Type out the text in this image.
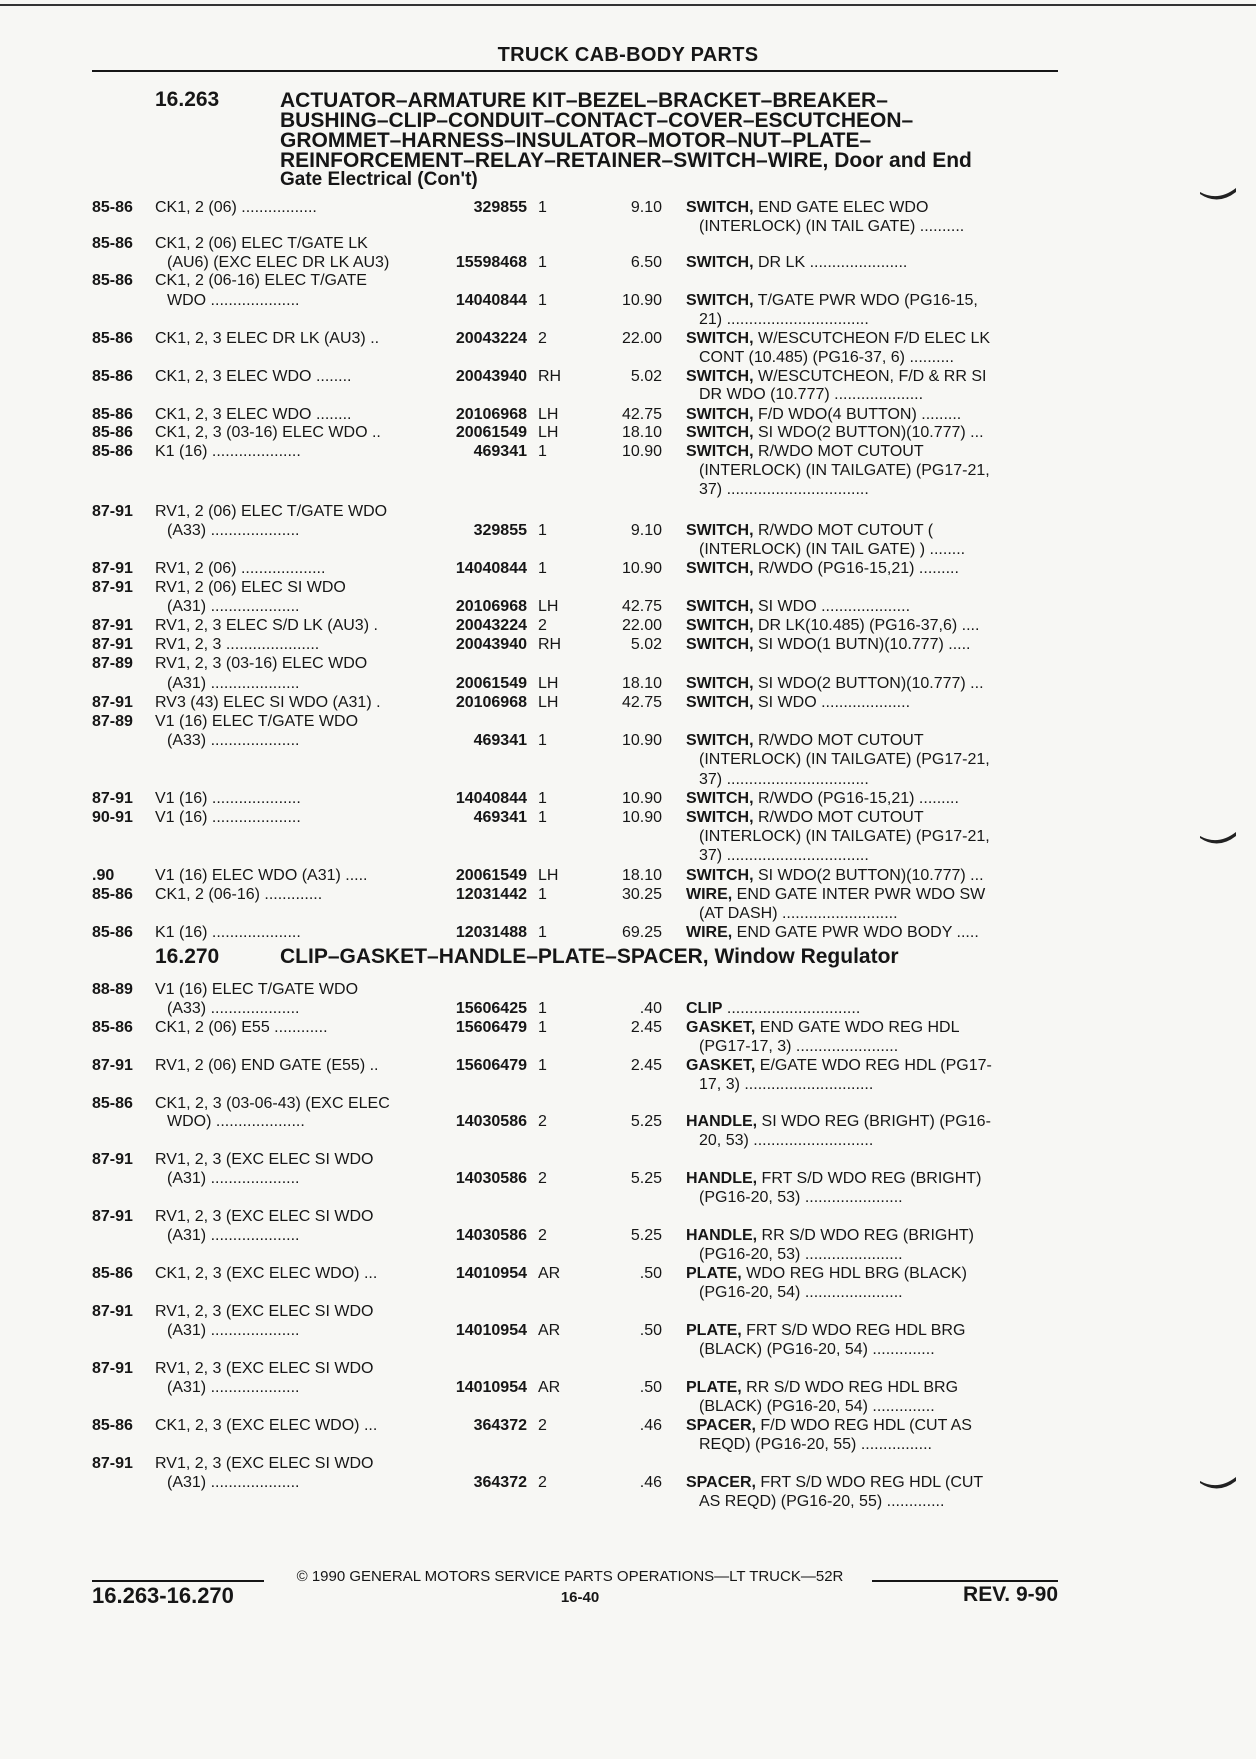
TRUCK CAB-BODY PARTS
16.263	ACTUATOR–ARMATURE KIT–BEZEL–BRACKET–BREAKER–
BUSHING–CLIP–CONDUIT–CONTACT–COVER–ESCUTCHEON–
GROMMET–HARNESS–INSULATOR–MOTOR–NUT–PLATE–
REINFORCEMENT–RELAY–RETAINER–SWITCH–WIRE, Door and End
Gate Electrical (Con't)
16.270	CLIP–GASKET–HANDLE–PLATE–SPACER, Window Regulator
85-86 CK1, 2 (06) .................	329855 1	9.10 SWITCH, END GATE ELEC WDO
(INTERLOCK) (IN TAIL GATE) ..........
85-86 CK1, 2 (06) ELEC T/GATE LK
(AU6) (EXC ELEC DR LK AU3)	15598468 1	6.50 SWITCH, DR LK ......................
85-86 CK1, 2 (06-16) ELEC T/GATE
WDO ....................	14040844 1	10.90 SWITCH, T/GATE PWR WDO (PG16-15,
21) ................................
85-86 CK1, 2, 3 ELEC DR LK (AU3) ..	20043224 2	22.00 SWITCH, W/ESCUTCHEON F/D ELEC LK
CONT (10.485) (PG16-37, 6) ..........
85-86 CK1, 2, 3 ELEC WDO ........	20043940 RH	5.02 SWITCH, W/ESCUTCHEON, F/D & RR SI
DR WDO (10.777) ....................
85-86 CK1, 2, 3 ELEC WDO ........	20106968 LH	42.75 SWITCH, F/D WDO(4 BUTTON) .........
85-86 CK1, 2, 3 (03-16) ELEC WDO ..	20061549 LH	18.10 SWITCH, SI WDO(2 BUTTON)(10.777) ...
85-86 K1 (16) ....................	469341 1	10.90 SWITCH, R/WDO MOT CUTOUT
(INTERLOCK) (IN TAILGATE) (PG17-21,
37) ................................
87-91 RV1, 2 (06) ELEC T/GATE WDO
(A33) ....................	329855 1	9.10 SWITCH, R/WDO MOT CUTOUT (
(INTERLOCK) (IN TAIL GATE) ) ........
87-91 RV1, 2 (06) ...................	14040844 1	10.90 SWITCH, R/WDO (PG16-15,21) .........
87-91 RV1, 2 (06) ELEC SI WDO
(A31) ....................	20106968 LH	42.75 SWITCH, SI WDO ....................
87-91 RV1, 2, 3 ELEC S/D LK (AU3) .	20043224 2	22.00 SWITCH, DR LK(10.485) (PG16-37,6) ....
87-91 RV1, 2, 3 .....................	20043940 RH	5.02 SWITCH, SI WDO(1 BUTN)(10.777) .....
87-89 RV1, 2, 3 (03-16) ELEC WDO
(A31) ....................	20061549 LH	18.10 SWITCH, SI WDO(2 BUTTON)(10.777) ...
87-91 RV3 (43) ELEC SI WDO (A31) .	20106968 LH	42.75 SWITCH, SI WDO ....................
87-89 V1 (16) ELEC T/GATE WDO
(A33) ....................	469341 1	10.90 SWITCH, R/WDO MOT CUTOUT
(INTERLOCK) (IN TAILGATE) (PG17-21,
37) ................................
87-91 V1 (16) ....................	14040844 1	10.90 SWITCH, R/WDO (PG16-15,21) .........
90-91 V1 (16) ....................	469341 1	10.90 SWITCH, R/WDO MOT CUTOUT
(INTERLOCK) (IN TAILGATE) (PG17-21,
37) ................................
.90	V1 (16) ELEC WDO (A31) .....	20061549 LH	18.10 SWITCH, SI WDO(2 BUTTON)(10.777) ...
85-86 CK1, 2 (06-16) .............	12031442 1	30.25 WIRE, END GATE INTER PWR WDO SW
(AT DASH) ..........................
85-86 K1 (16) ....................	12031488 1	69.25 WIRE, END GATE PWR WDO BODY .....
88-89 V1 (16) ELEC T/GATE WDO
(A33) ....................	15606425 1	.40 CLIP ..............................
85-86 CK1, 2 (06) E55 ............	15606479 1	2.45 GASKET, END GATE WDO REG HDL
(PG17-17, 3) .......................
87-91 RV1, 2 (06) END GATE (E55) ..	15606479 1	2.45 GASKET, E/GATE WDO REG HDL (PG17-
17, 3) .............................
85-86 CK1, 2, 3 (03-06-43) (EXC ELEC
WDO) ....................	14030586 2	5.25 HANDLE, SI WDO REG (BRIGHT) (PG16-
20, 53) ...........................
87-91 RV1, 2, 3 (EXC ELEC SI WDO
(A31) ....................	14030586 2	5.25 HANDLE, FRT S/D WDO REG (BRIGHT)
(PG16-20, 53) ......................
87-91 RV1, 2, 3 (EXC ELEC SI WDO
(A31) ....................	14030586 2	5.25 HANDLE, RR S/D WDO REG (BRIGHT)
(PG16-20, 53) ......................
85-86 CK1, 2, 3 (EXC ELEC WDO) ...	14010954 AR	.50 PLATE, WDO REG HDL BRG (BLACK)
(PG16-20, 54) ......................
87-91 RV1, 2, 3 (EXC ELEC SI WDO
(A31) ....................	14010954 AR	.50 PLATE, FRT S/D WDO REG HDL BRG
(BLACK) (PG16-20, 54) ..............
87-91 RV1, 2, 3 (EXC ELEC SI WDO
(A31) ....................	14010954 AR	.50 PLATE, RR S/D WDO REG HDL BRG
(BLACK) (PG16-20, 54) ..............
85-86 CK1, 2, 3 (EXC ELEC WDO) ...	364372 2	.46 SPACER, F/D WDO REG HDL (CUT AS
REQD) (PG16-20, 55) ................
87-91 RV1, 2, 3 (EXC ELEC SI WDO
(A31) ....................	364372 2	.46 SPACER, FRT S/D WDO REG HDL (CUT
AS REQD) (PG16-20, 55) .............
© 1990 GENERAL MOTORS SERVICE PARTS OPERATIONS—LT TRUCK—52R
16.263-16.270	16-40	REV. 9-90
